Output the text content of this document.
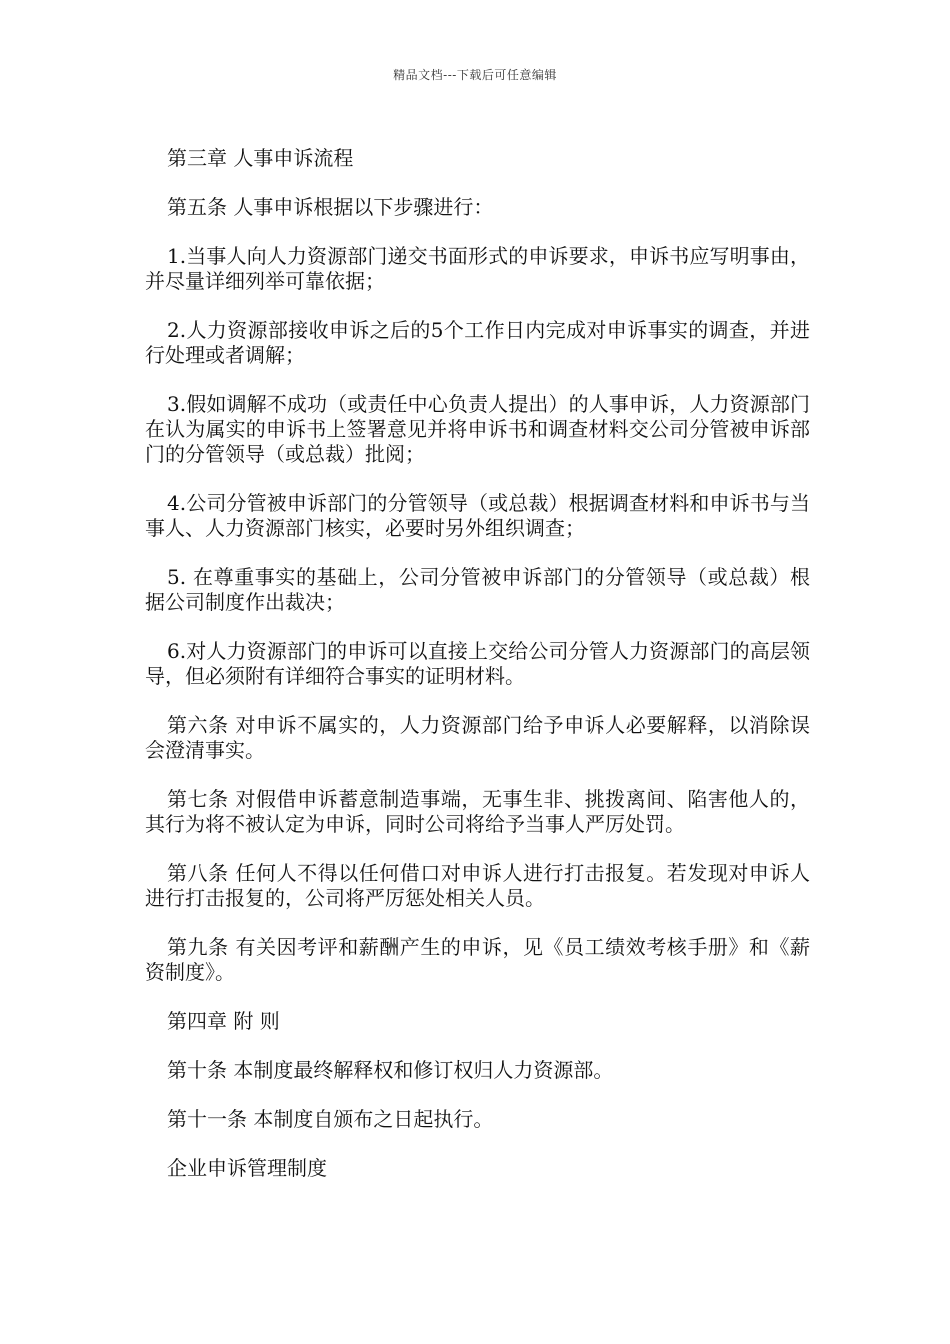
精品文档---下载后可任意编辑

第三章 人事申诉流程

第五条 人事申诉根据以下步骤进行：

1.当事人向人力资源部门递交书面形式的申诉要求，申诉书应写明事由，并尽量详细列举可靠依据；

2.人力资源部接收申诉之后的5个工作日内完成对申诉事实的调查，并进行处理或者调解；

3.假如调解不成功（或责任中心负责人提出）的人事申诉，人力资源部门在认为属实的申诉书上签署意见并将申诉书和调查材料交公司分管被申诉部门的分管领导（或总裁）批阅；

4.公司分管被申诉部门的分管领导（或总裁）根据调查材料和申诉书与当事人、人力资源部门核实，必要时另外组织调查；

5. 在尊重事实的基础上，公司分管被申诉部门的分管领导（或总裁）根据公司制度作出裁决；

6.对人力资源部门的申诉可以直接上交给公司分管人力资源部门的高层领导，但必须附有详细符合事实的证明材料。

第六条 对申诉不属实的，人力资源部门给予申诉人必要解释，以消除误会澄清事实。

第七条 对假借申诉蓄意制造事端，无事生非、挑拨离间、陷害他人的，其行为将不被认定为申诉，同时公司将给予当事人严厉处罚。

第八条 任何人不得以任何借口对申诉人进行打击报复。若发现对申诉人进行打击报复的，公司将严厉惩处相关人员。

第九条 有关因考评和薪酬产生的申诉，见《员工绩效考核手册》和《薪资制度》。

第四章 附 则

第十条 本制度最终解释权和修订权归人力资源部。

第十一条 本制度自颁布之日起执行。

企业申诉管理制度
